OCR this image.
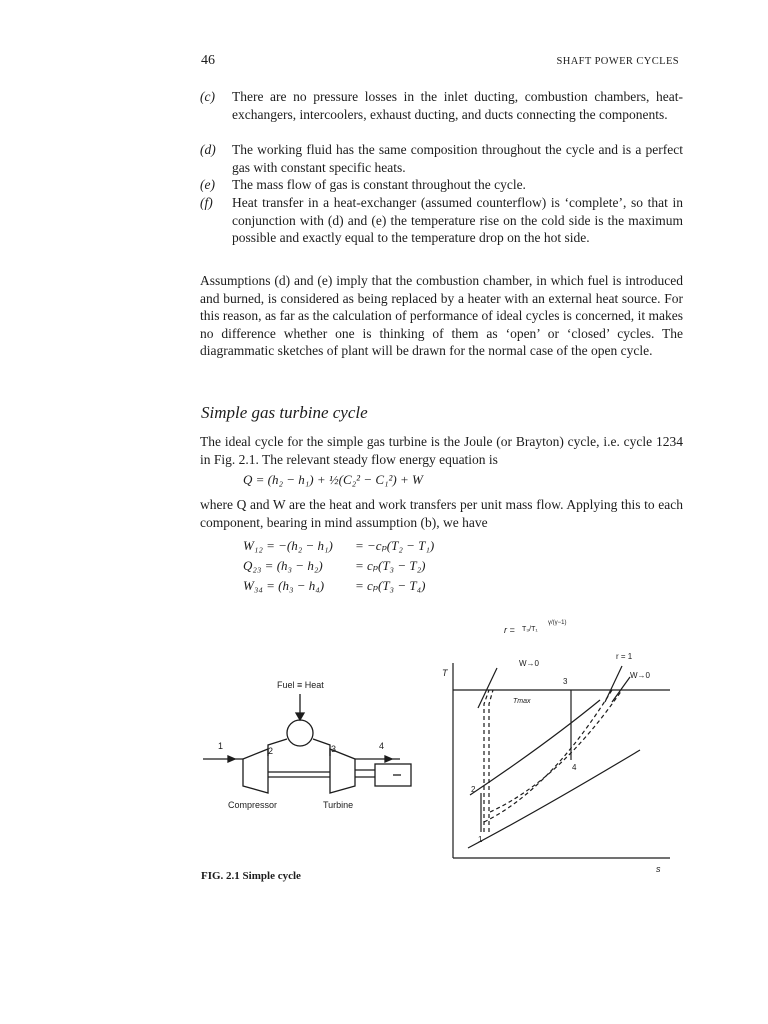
46	SHAFT POWER CYCLES
(c) There are no pressure losses in the inlet ducting, combustion chambers, heat-exchangers, intercoolers, exhaust ducting, and ducts connecting the components.
(d) The working fluid has the same composition throughout the cycle and is a perfect gas with constant specific heats.
(e) The mass flow of gas is constant throughout the cycle.
(f) Heat transfer in a heat-exchanger (assumed counterflow) is ‘complete’, so that in conjunction with (d) and (e) the temperature rise on the cold side is the maximum possible and exactly equal to the temperature drop on the hot side.

Assumptions (d) and (e) imply that the combustion chamber, in which fuel is introduced and burned, is considered as being replaced by a heater with an external heat source. For this reason, as far as the calculation of performance of ideal cycles is concerned, it makes no difference whether one is thinking of them as ‘open’ or ‘closed’ cycles. The diagrammatic sketches of plant will be drawn for the normal case of the open cycle.

Simple gas turbine cycle

The ideal cycle for the simple gas turbine is the Joule (or Brayton) cycle, i.e. cycle 1234 in Fig. 2.1. The relevant steady flow energy equation is

Q = (h₂ − h₁) + ½(C₂² − C₁²) + W

where Q and W are the heat and work transfers per unit mass flow. Applying this to each component, bearing in mind assumption (b), we have

W₁₂ = −(h₂ − h₁) = −cₚ(T₂ − T₁)
Q₂₃ = (h₃ − h₂) = cₚ(T₃ − T₂)
W₃₄ = (h₃ − h₄) = cₚ(T₃ − T₄)
Fuel ≡ Heat
1	2	3	4
Compressor	Turbine
r = T₃/T₁
γ/(γ−1)
T
s
Tmax
W→0
r = 1
W→0
1
2
3
4
FIG. 2.1 Simple cycle
